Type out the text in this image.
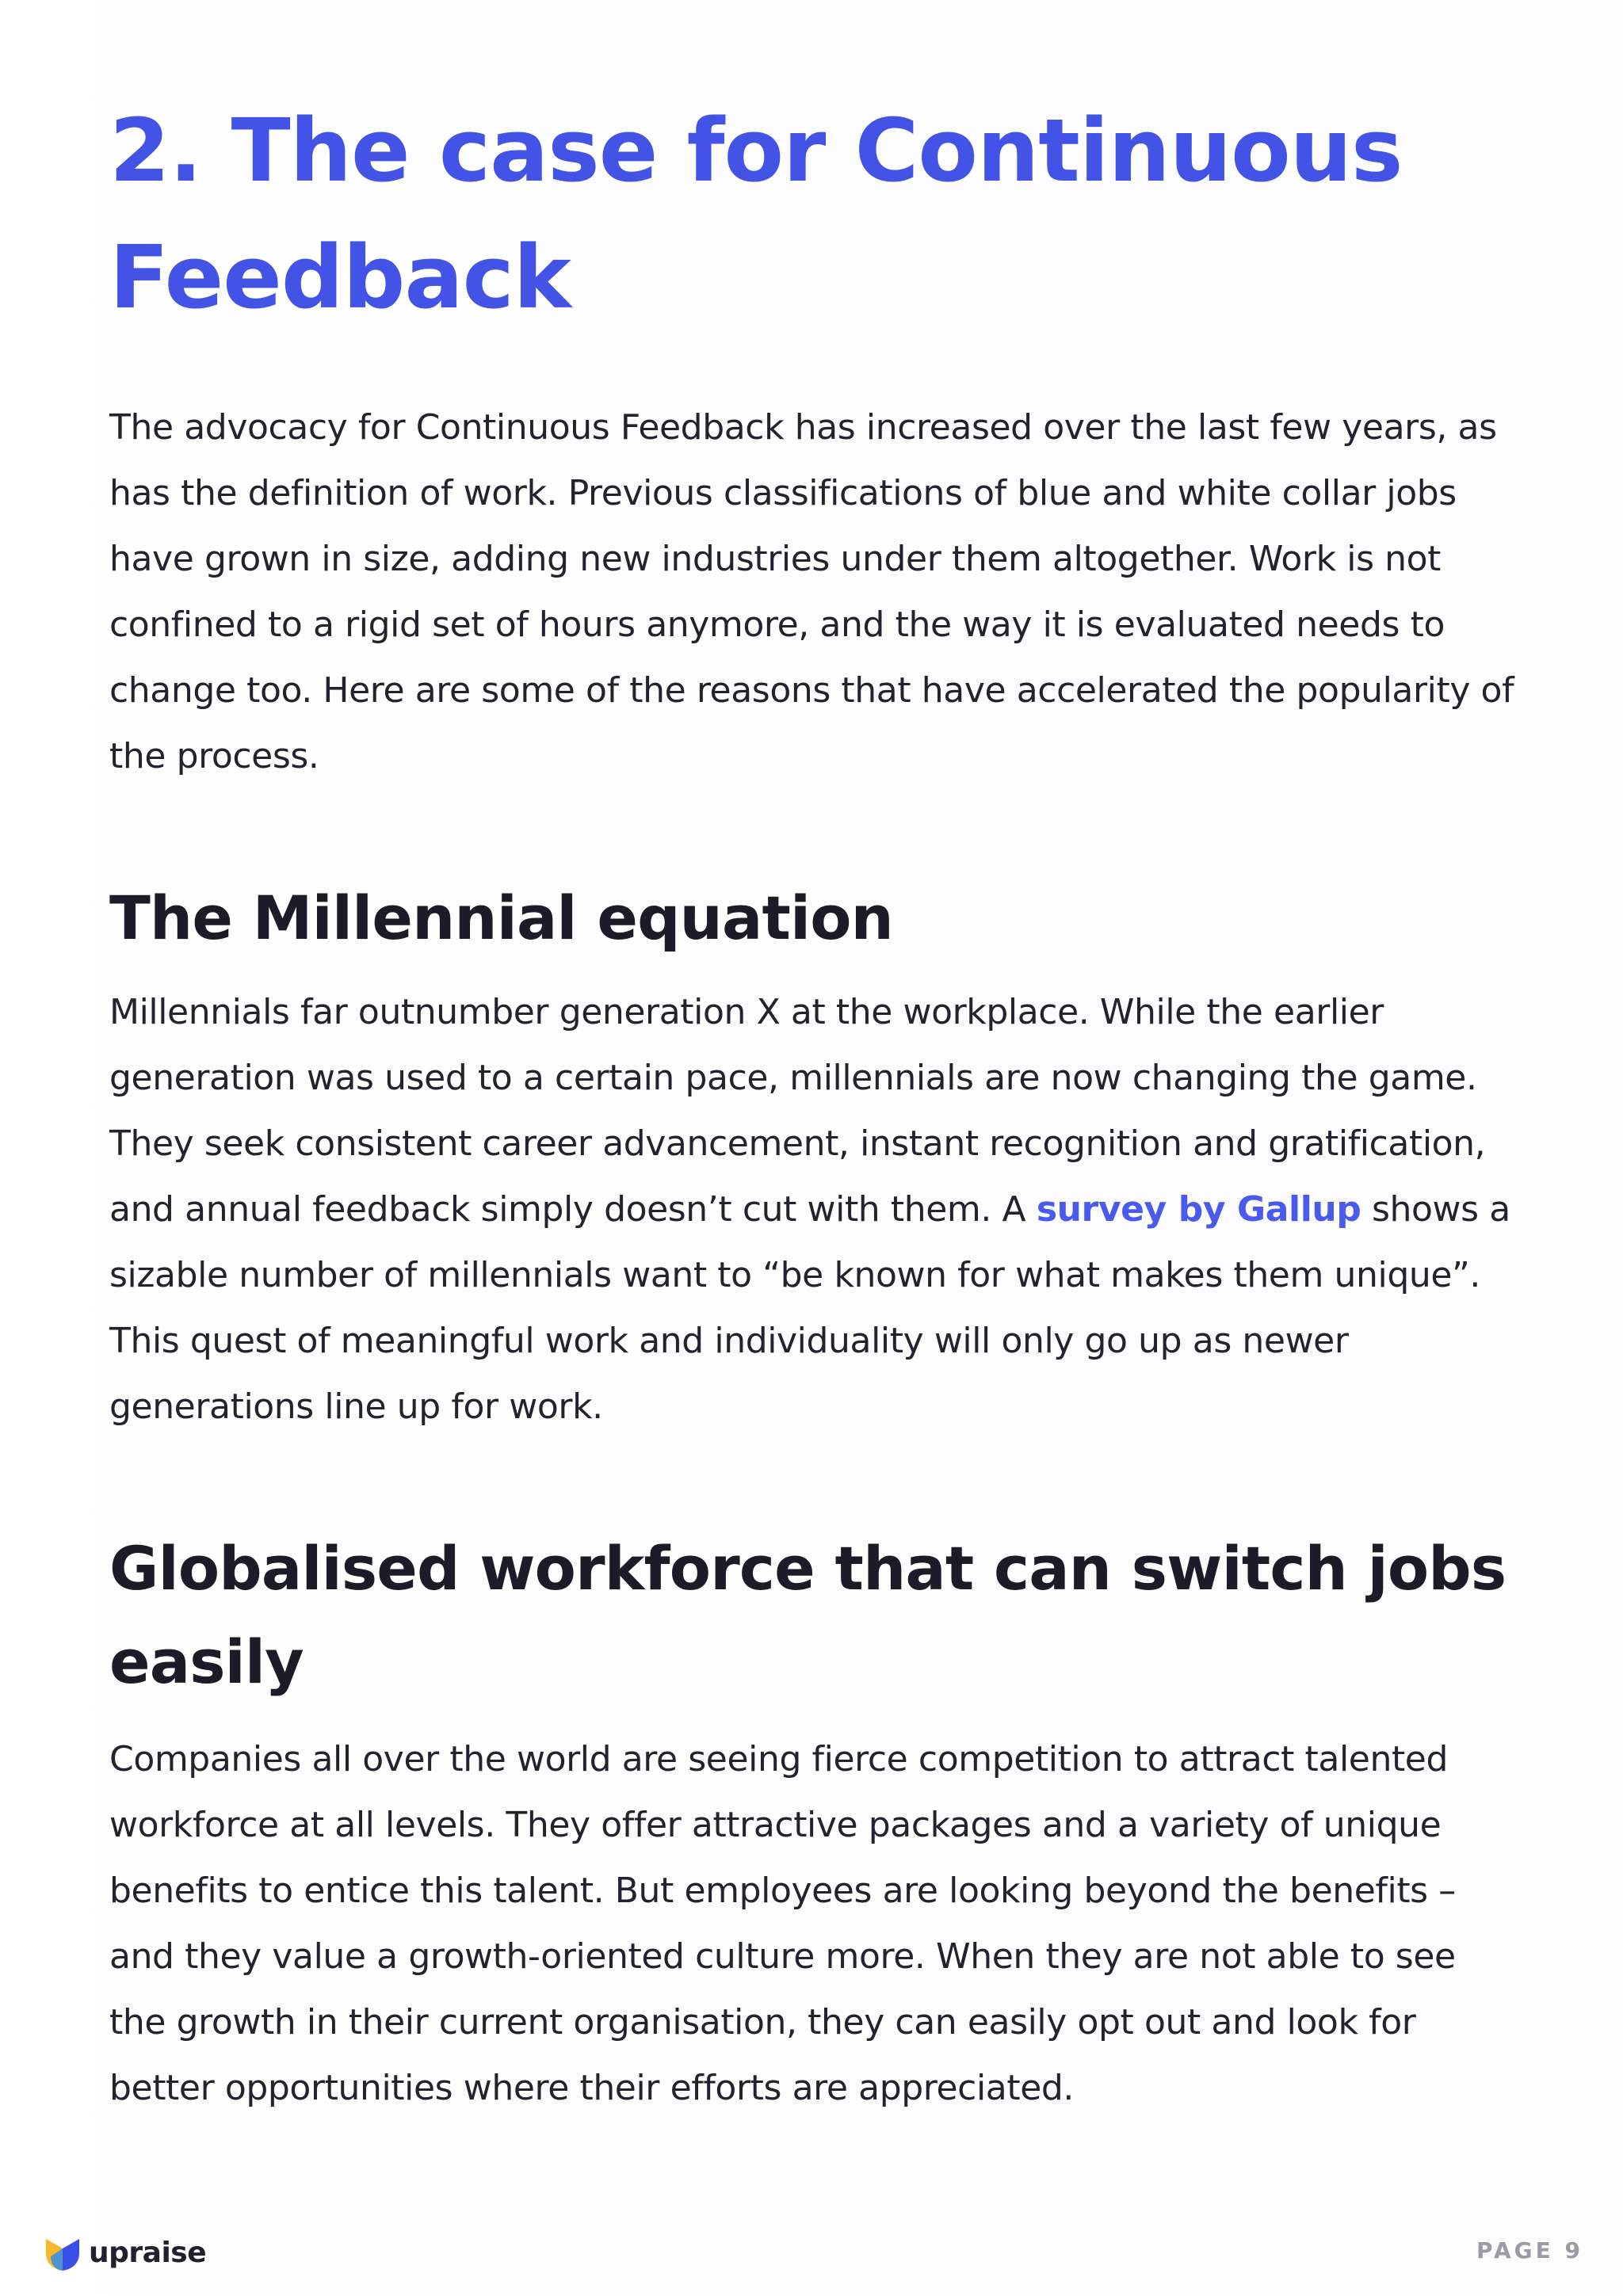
2. The case for Continuous
Feedback

The advocacy for Continuous Feedback has increased over the last few years, as has the definition of work. Previous classifications of blue and white collar jobs have grown in size, adding new industries under them altogether. Work is not confined to a rigid set of hours anymore, and the way it is evaluated needs to change too. Here are some of the reasons that have accelerated the popularity of the process.

The Millennial equation

Millennials far outnumber generation X at the workplace. While the earlier generation was used to a certain pace, millennials are now changing the game. They seek consistent career advancement, instant recognition and gratification, and annual feedback simply doesn’t cut with them. A survey by Gallup shows a sizable number of millennials want to “be known for what makes them unique”. This quest of meaningful work and individuality will only go up as newer generations line up for work.

Globalised workforce that can switch jobs
easily

Companies all over the world are seeing fierce competition to attract talented workforce at all levels. They offer attractive packages and a variety of unique benefits to entice this talent. But employees are looking beyond the benefits – and they value a growth-oriented culture more. When they are not able to see the growth in their current organisation, they can easily opt out and look for better opportunities where their efforts are appreciated.

upraise	PAGE 9
